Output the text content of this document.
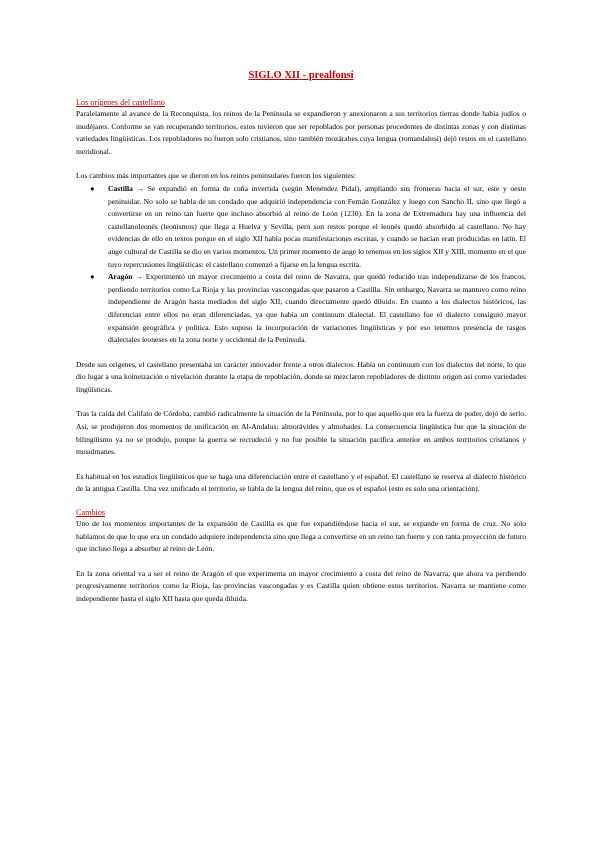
SIGLO XII - prealfonsí
Los orígenes del castellano

Paralelamente al avance de la Reconquista, los reinos de la Península se expandieron y anexionaron a sus territorios tierras donde había judíos o mudéjares. Conforme se van recuperando territorios, estos tuvieron que ser repoblados por personas procedentes de distintas zonas y con distintas variedades lingüísticas. Los repobladores no fueron solo cristianos, sino también mozárabes cuya lengua (romandalusí) dejó restos en el castellano meridional.

Los cambios más importantes que se dieron en los reinos peninsulares fueron los siguientes:

● Castilla → Se expandió en forma de cuña invertida (según Menéndez Pidal), ampliando sus fronteras hacia el sur, este y oeste peninsular. No solo se habla de un condado que adquirió independencia con Fernán González y luego con Sancho II, sino que llegó a convertirse en un reino tan fuerte que incluso absorbió al reino de León (1230). En la zona de Extremadura hay una influencia del castellanoleonés (leonismos) que llega a Huelva y Sevilla, pero son restos porque el leonés quedó absorbido al castellano. No hay evidencias de ello en textos porque en el siglo XII había pocas manifestaciones escritas, y cuando se hacían eran producidas en latín. El auge cultural de Castilla se dio en varios momentos. Un primer momento de auge lo tenemos en los siglos XII y XIII, momento en el que tuvo repercusiones lingüísticas: el castellano comenzó a fijarse en la lengua escrita.
● Aragón → Experimentó un mayor crecimiento a costa del reino de Navarra, que quedó reducido tras independizarse de los francos, perdiendo territorios como La Rioja y las provincias vascongadas que pasaron a Castilla. Sin embargo, Navarra se mantuvo como reino independiente de Aragón hasta mediados del siglo XII, cuando directamente quedó diluido. En cuanto a los dialectos históricos, las diferencias entre ellos no eran diferenciadas, ya que había un continuum dialectal. El castellano fue el dialecto consiguió mayor expansión geográfica y política. Esto supuso la incorporación de variaciones lingüísticas y por eso tenemos presencia de rasgos dialectales leoneses en la zona norte y occidental de la Península.

Desde sus orígenes, el castellano presentaba un carácter innovador frente a otros dialectos. Había un continuum con los dialectos del norte, lo que dio lugar a una koineización o nivelación durante la etapa de repoblación, donde se mezclaron repobladores de distinto origen así como variedades lingüísticas.

Tras la caída del Califato de Córdoba, cambió radicalmente la situación de la Península, por lo que aquello que era la fuerza de poder, dejó de serlo. Así, se produjeron dos momentos de unificación en Al-Andalus: almorávides y almohades. La consecuencia lingüística fue que la situación de bilingüismo ya no se produjo, porque la guerra se recrudeció y no fue posible la situación pacífica anterior en ambos territorios cristianos y musulmanes.

Es habitual en los estudios lingüísticos que se haga una diferenciación entre el castellano y el español. El castellano se reserva al dialecto histórico de la antigua Castilla. Una vez unificado el territorio, se habla de la lengua del reino, que es el español (esto es solo una orientación).

Cambios

Uno de los momentos importantes de la expansión de Castilla es que fue expandiéndose hacia el sur, se expande en forma de cruz. No solo hablamos de que lo que era un condado adquiere independencia sino que llega a convertirse en un reino tan fuerte y con tanta proyección de futuro que incluso llega a absorber al reino de León.

En la zona oriental va a ser el reino de Aragón el que experimenta un mayor crecimiento a costa del reino de Navarra, que ahora va perdiendo progresivamente territorios como la Rioja, las provincias vascongadas y es Castilla quien obtiene estos territorios. Navarra se mantiene como independiente hasta el siglo XII hasta que queda diluida.
